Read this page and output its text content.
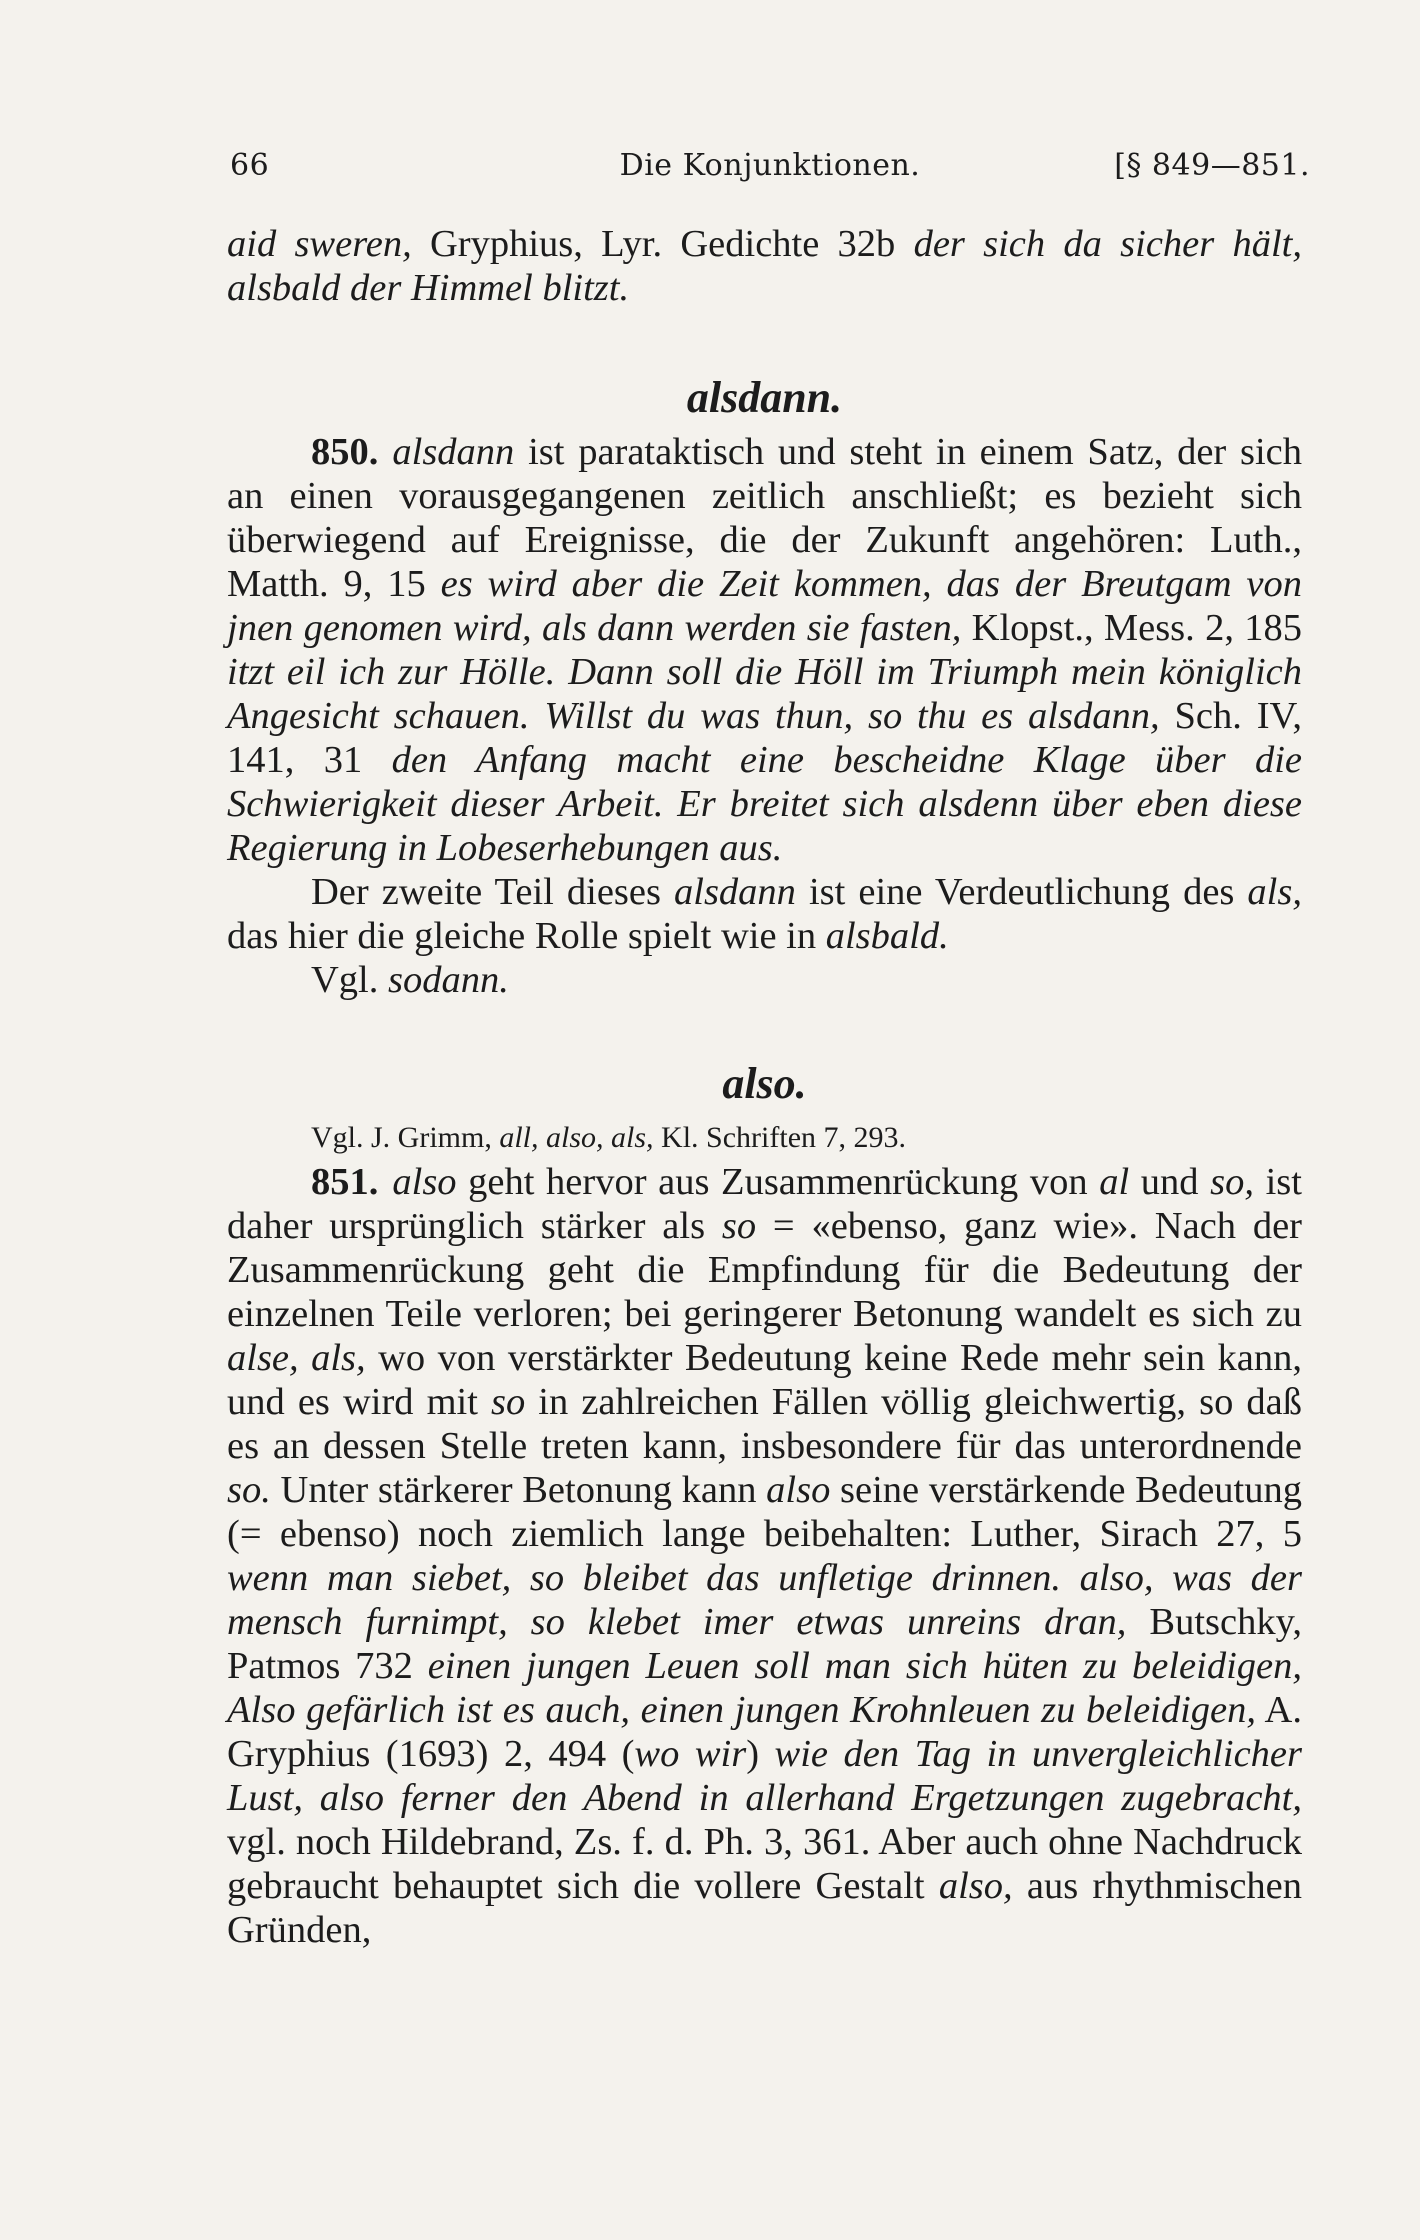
66	Die Konjunktionen.	[§ 849—851.

aid sweren, Gryphius, Lyr. Gedichte 32b der sich da sicher hält, alsbald der Himmel blitzt.

alsdann.

850. alsdann ist parataktisch und steht in einem Satz, der sich an einen vorausgegangenen zeitlich anschließt; es bezieht sich überwiegend auf Ereignisse, die der Zukunft angehören: Luth., Matth. 9, 15 es wird aber die Zeit kommen, das der Breutgam von jnen genomen wird, als dann werden sie fasten, Klopst., Mess. 2, 185 itzt eil ich zur Hölle. Dann soll die Höll im Triumph mein königlich Angesicht schauen. Willst du was thun, so thu es alsdann, Sch. IV, 141, 31 den Anfang macht eine bescheidne Klage über die Schwierigkeit dieser Arbeit. Er breitet sich alsdenn über eben diese Regierung in Lobeserhebungen aus.

Der zweite Teil dieses alsdann ist eine Verdeutlichung des als, das hier die gleiche Rolle spielt wie in alsbald.

Vgl. sodann.

also.

Vgl. J. Grimm, all, also, als, Kl. Schriften 7, 293.

851. also geht hervor aus Zusammenrückung von al und so, ist daher ursprünglich stärker als so = «ebenso, ganz wie». Nach der Zusammenrückung geht die Empfindung für die Bedeutung der einzelnen Teile verloren; bei geringerer Betonung wandelt es sich zu alse, als, wo von verstärkter Bedeutung keine Rede mehr sein kann, und es wird mit so in zahlreichen Fällen völlig gleichwertig, so daß es an dessen Stelle treten kann, insbesondere für das unterordnende so. Unter stärkerer Betonung kann also seine verstärkende Bedeutung (= ebenso) noch ziemlich lange beibehalten: Luther, Sirach 27, 5 wenn man siebet, so bleibet das unfletige drinnen. also, was der mensch furnimpt, so klebet imer etwas unreins dran, Butschky, Patmos 732 einen jungen Leuen soll man sich hüten zu beleidigen, Also gefärlich ist es auch, einen jungen Krohnleuen zu beleidigen, A. Gryphius (1693) 2, 494 (wo wir) wie den Tag in unvergleichlicher Lust, also ferner den Abend in allerhand Ergetzungen zugebracht, vgl. noch Hildebrand, Zs. f. d. Ph. 3, 361. Aber auch ohne Nachdruck gebraucht behauptet sich die vollere Gestalt also, aus rhythmischen Gründen,
